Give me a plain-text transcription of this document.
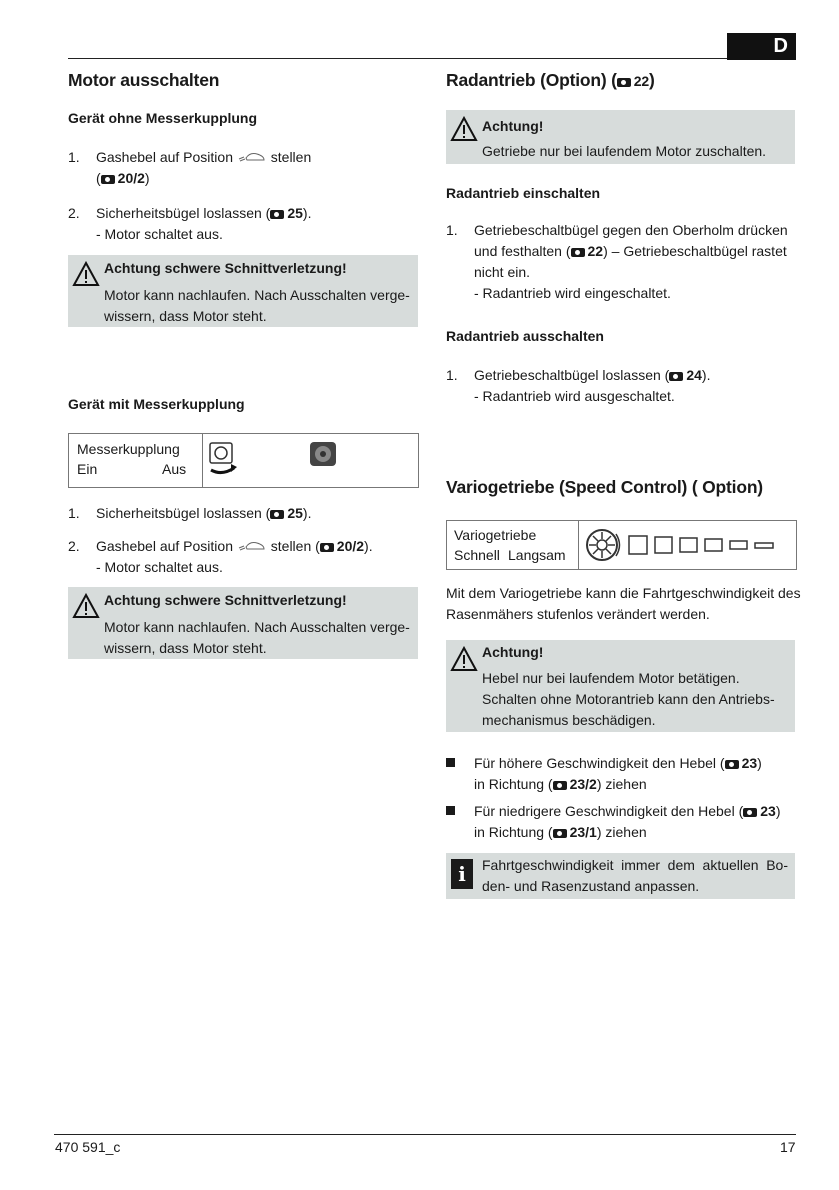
D
Motor ausschalten
Gerät ohne Messerkupplung
1. Gashebel auf Position	stellen
( 20/2)
2. Sicherheitsbügel loslassen ( 25).
- Motor schaltet aus.
Achtung schwere Schnittverletzung!
Motor kann nachlaufen. Nach Ausschalten verge-
wissern, dass Motor steht.
Gerät mit Messerkupplung
Messerkupplung
Ein	Aus
1. Sicherheitsbügel loslassen ( 25).
2. Gashebel auf Position	stellen ( 20/2).
- Motor schaltet aus.
Achtung schwere Schnittverletzung!
Motor kann nachlaufen. Nach Ausschalten verge-
wissern, dass Motor steht.
Radantrieb (Option) ( 22)
Achtung!
Getriebe nur bei laufendem Motor zuschalten.
Radantrieb einschalten
1. Getriebeschaltbügel gegen den Oberholm drücken
und festhalten ( 22) – Getriebeschaltbügel rastet
nicht ein.
- Radantrieb wird eingeschaltet.
Radantrieb ausschalten
1. Getriebeschaltbügel loslassen ( 24).
- Radantrieb wird ausgeschaltet.
Variogetriebe (Speed Control) ( Option)
Variogetriebe
Schnell Langsam
Mit dem Variogetriebe kann die Fahrtgeschwindigkeit des
Rasenmähers stufenlos verändert werden.
Achtung!
Hebel nur bei laufendem Motor betätigen.
Schalten ohne Motorantrieb kann den Antriebs-
mechanismus beschädigen.
Für höhere Geschwindigkeit den Hebel ( 23)
in Richtung ( 23/2) ziehen
Für niedrigere Geschwindigkeit den Hebel ( 23)
in Richtung ( 23/1) ziehen
i	Fahrtgeschwindigkeit immer dem aktuellen Bo-
den- und Rasenzustand anpassen.
470 591_c	17
